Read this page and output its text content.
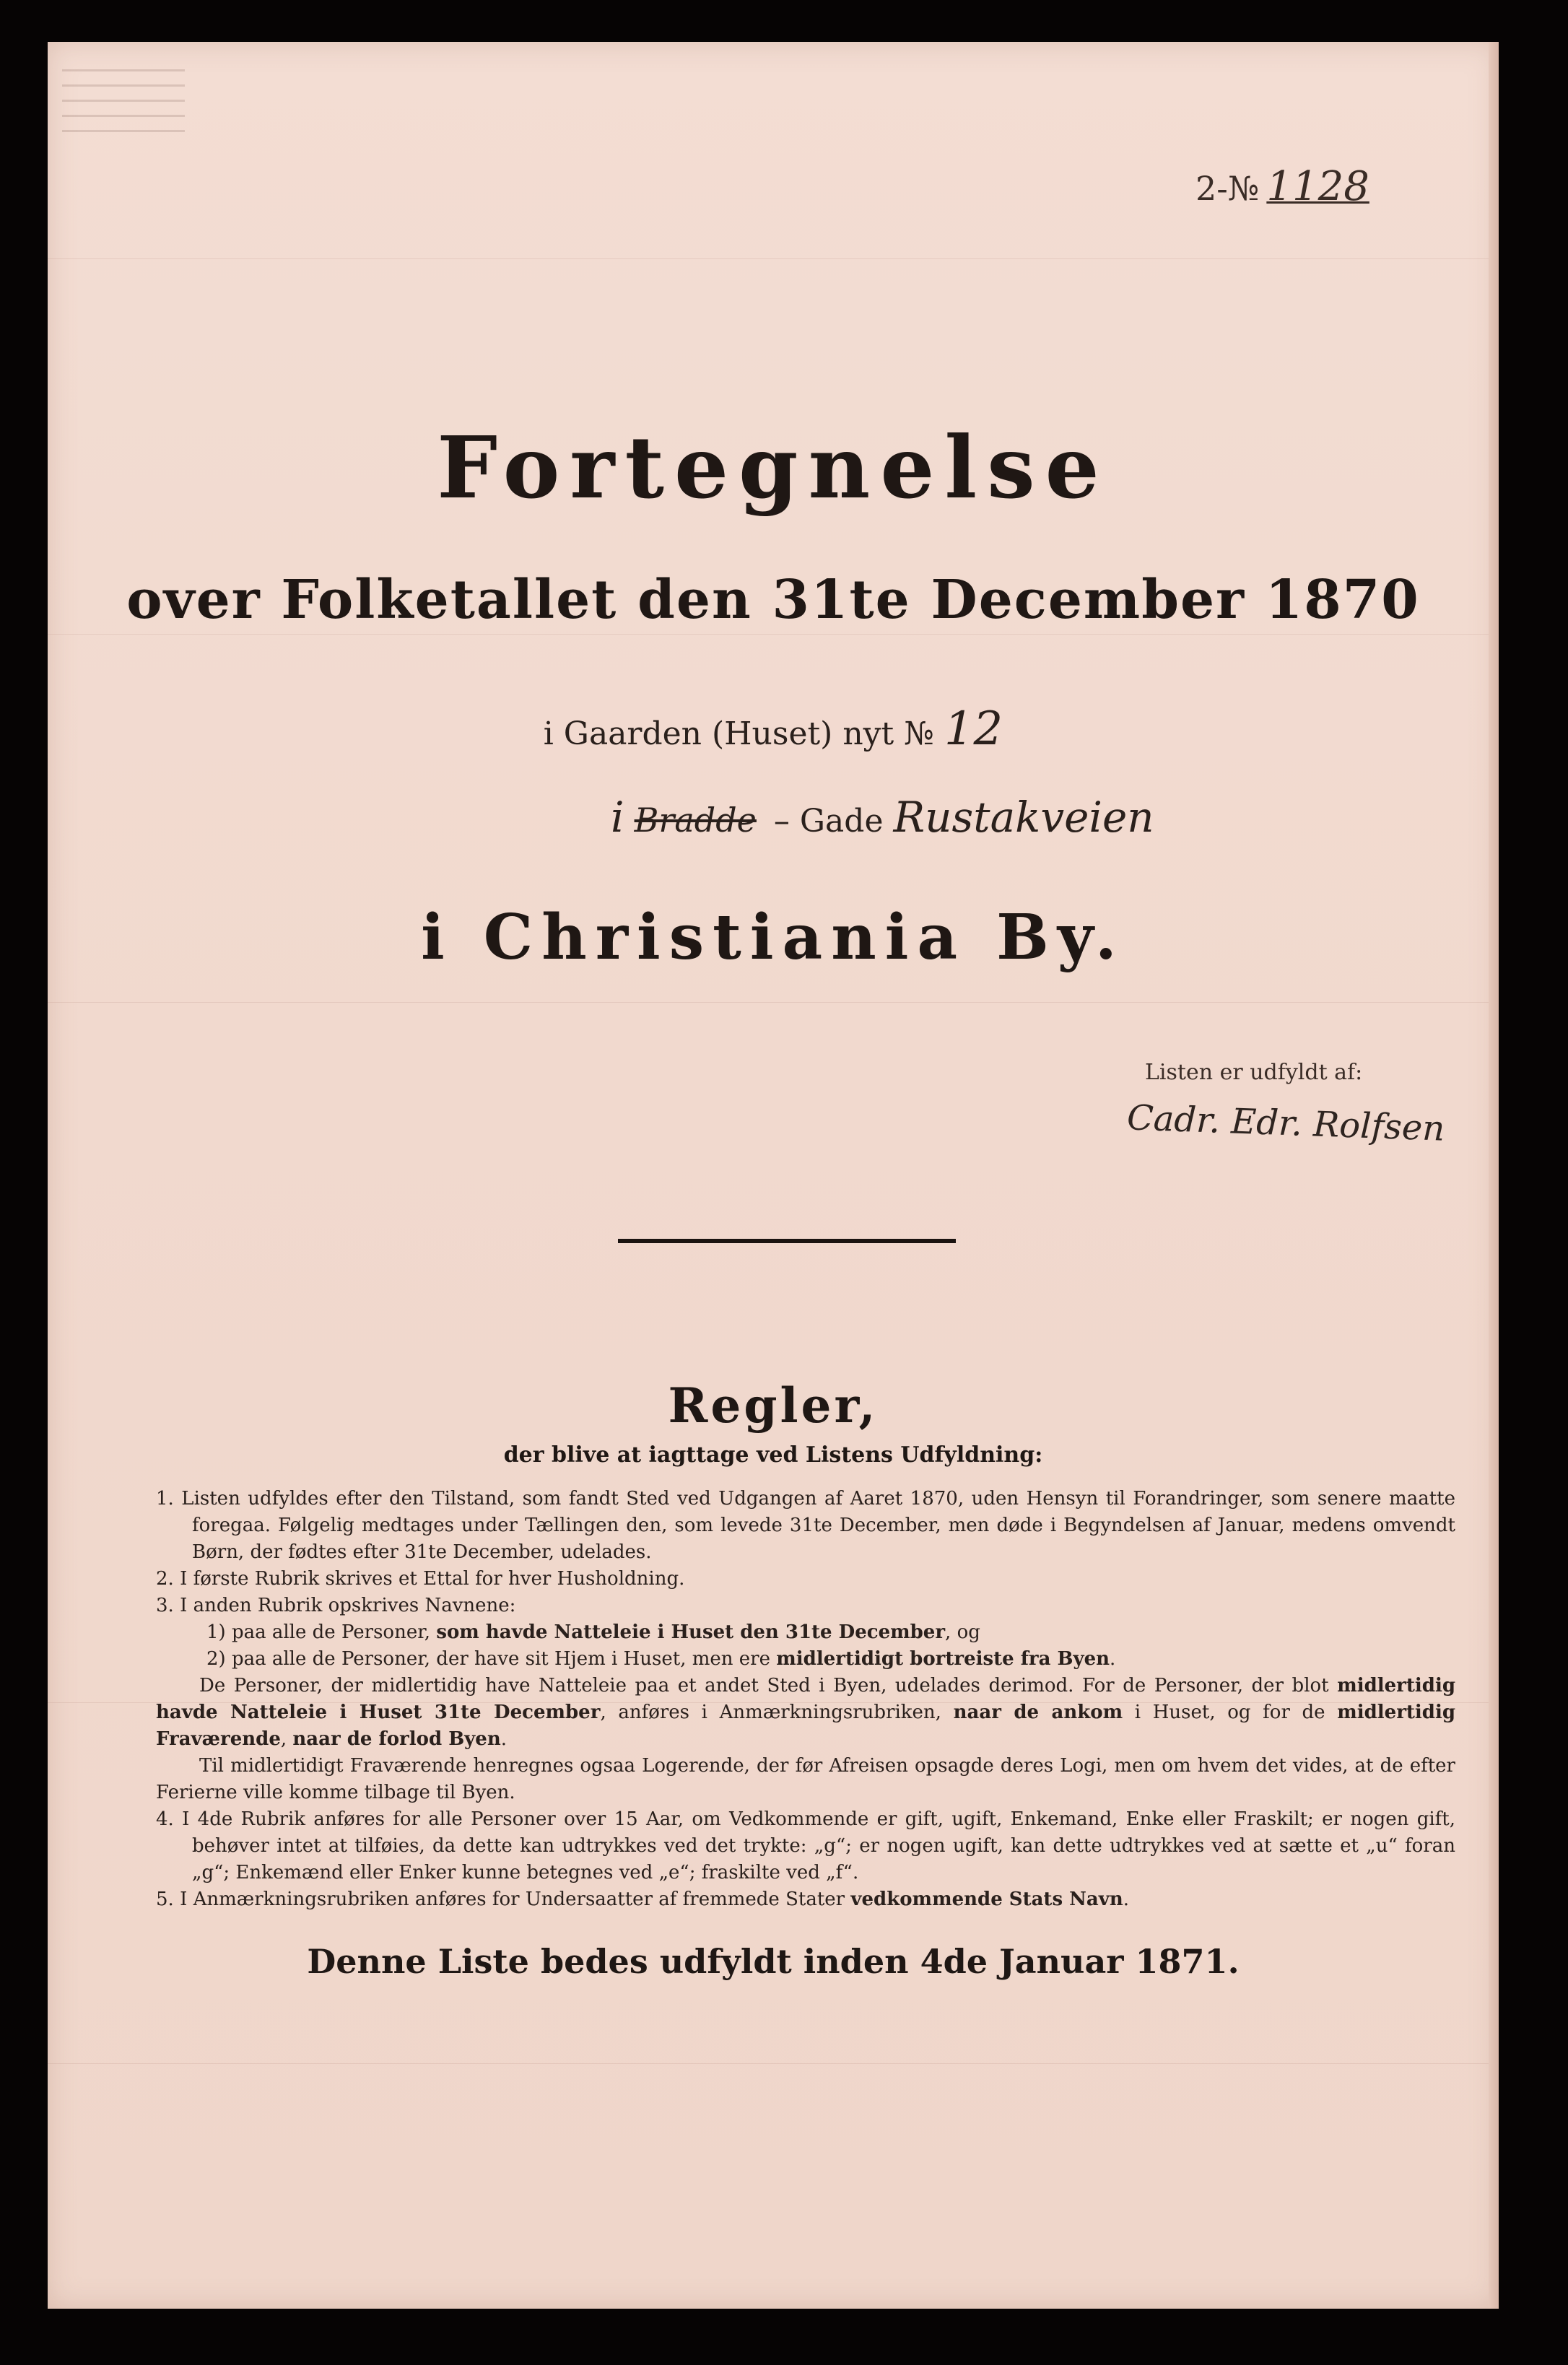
2-№ 1128
Fortegnelse
over Folketallet den 31te December 1870
i Gaarden (Huset) nyt № 12
i Bradde – Gade Rustakveien
i Christiania By.
Listen er udfyldt af:
Cadr. Edr. Rolfsen
Regler,
der blive at iagttage ved Listens Udfyldning:

1. Listen udfyldes efter den Tilstand, som fandt Sted ved Udgangen af Aaret 1870, uden Hensyn til Forandringer, som senere maatte foregaa. Følgelig medtages under Tællingen den, som levede 31te December, men døde i Begyndelsen af Januar, medens omvendt Børn, der fødtes efter 31te December, udelades.

2. I første Rubrik skrives et Ettal for hver Husholdning.

3. I anden Rubrik opskrives Navnene:

1) paa alle de Personer, som havde Natteleie i Huset den 31te December, og

2) paa alle de Personer, der have sit Hjem i Huset, men ere midlertidigt bortreiste fra Byen.

De Personer, der midlertidig have Natteleie paa et andet Sted i Byen, udelades derimod. For de Personer, der blot midlertidig havde Natteleie i Huset 31te December, anføres i Anmærkningsrubriken, naar de ankom i Huset, og for de midlertidig Fraværende, naar de forlod Byen.

Til midlertidigt Fraværende henregnes ogsaa Logerende, der før Afreisen opsagde deres Logi, men om hvem det vides, at de efter Ferierne ville komme tilbage til Byen.

4. I 4de Rubrik anføres for alle Personer over 15 Aar, om Vedkommende er gift, ugift, Enkemand, Enke eller Fraskilt; er nogen gift, behøver intet at tilføies, da dette kan udtrykkes ved det trykte: „g“; er nogen ugift, kan dette udtrykkes ved at sætte et „u“ foran „g“; Enkemænd eller Enker kunne betegnes ved „e“; fraskilte ved „f“.

5. I Anmærkningsrubriken anføres for Undersaatter af fremmede Stater vedkommende Stats Navn.

Denne Liste bedes udfyldt inden 4de Januar 1871.
